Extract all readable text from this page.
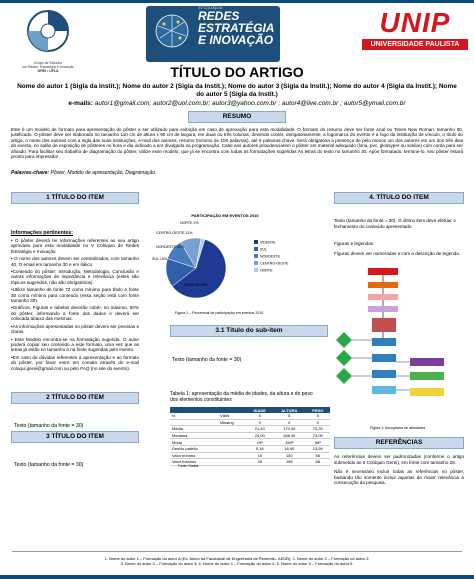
Grupo de Estudos
em Redes, Estratégia e Inovação
GREI • UFLA
XV COLÓQUIO
REDES
ESTRATÉGIA
E INOVAÇÃO
UNIP
UNIVERSIDADE PAULISTA
TÍTULO DO ARTIGO
Nome do autor 1 (Sigla da Instit.); Nome do autor 2 (Sigla da Instit.); Nome do autor 3 (Sigla da Instit.); Nome do autor 4 (Sigla da Instit.); Nome do autor 5 (Sigla da Instit.)
e-mails: autor1@gmail.com; autor2@uol.com.br; autor3@yahoo.com.br ; autor4@live.com.br ; autor5@ymail.com.br
RESUMO
Este é um modelo de formato para apresentação do pôster a ser utilizado para exibição em caso de aprovação para esta modalidade. O formato do resumo deve ser fonte Arial ou Times New Roman, tamanho 30, justificado. O pôster deve ser elaborado no tamanho 110 cm de altura x 90 cm de largura, em duas ou três colunas, devendo conter, obrigatoriamente, a logomarca do evento e a logo da instituição de vínculo, o título do artigo, o nome dos autores com a sigla das suas instituições, e-mail dos autores, resumo (mínimo de 100 palavras), até 5 palavras-chave. Será obrigatória a presença de pelo menos um dos autores em um dos três dias do evento, no salão de exposição de pôsteres no hora e dia indicado a ser divulgado na programação. Cabe aos autores providenciarem o pôster em material adequado (lona, pvc, glossyper ou similar) com corda para ser afixado. Para facilitar seu trabalho de diagramação do pôster, utilize esse modelo, que já se encontra com todas as formatações sugeridas As letras do texto no tamanho 30. Após formatado, termine-lo, seu pôster estará pronto para impressão!
Palavras-chave: Pôster, Modelo de apresentação, Diagramação.
1 TÍTULO DO ITEM
Informações pertinentes:

• O pôster deverá ter informações referentes ao seu artigo aprovado para esta modalidade no V Colóquio de Redes Estratégia e Inovação.

• O nome dos autores devem ser centralizados, com tamanho 40, O email em tamanho 30 e em itálico.

•Conteúdo do pôster: Introdução, Metodologia, Conclusão e outras informações de importância e relevância (estes são tópicos sugeridos, não são obrigatórios).

•Utilize tamanho de fonte 72 como mínimo para título e fonte 30 como mínimo para conteúdo (essa seção está com fonte tamanho 30).

•Gráficos, Figuras e tabelas deverão cobrir, no máximo, 50% do pôster, informando a fonte dos dados e deverá ser colocada abaixo das mesmas.

•As informações apresentadas no pôster devem ser precisas e claras.

• Este Modelo encontra-se na formatação sugerida. O autor poderá copiar seu conteúdo a este formato, uma vez que as letras já estão no tamanho e na fonte sugeridas pelo evento.

•Em caso de dúvidas referentes à apresentação e ao formato do pôster, por favor entre em contato através do e-mail coloqui.gerei@gmail.com ou pelo FAQ (no site do evento).

2 TÍTULO DO ITEM
Texto (tamanho da fonte = 30)
3 TÍTULO DO ITEM
Texto (tamanho da fonte = 30)
PARTICIPAÇÃO EM EVENTOS 2010
VIDENTE 58%
SUL 15%
NORDESTE 11%
CENTRO-OESTE 11%
NORTE 2%
VIDENTE
SUL
NORDESTE
CENTRO-OESTE
NORTE
Figura 1 – Percentual de participação em eventos 2010
3.1 Título do sub-item
Texto (tamanho da fonte = 30)
Tabela 1: apresentação da média de idades, da altura e do peso dos elementos constituintes
		IDADE	ALTURA	PESO
N	Válid	5	5	5
	Missing	0	0	0
Média		21,40	170,40	70,20
Mediana		24,00	168,00	73,00
Moda		19ª	150ª	56ª
Desvio padrão		5,18	18,90	13,59
Valor mínimo		15	150	56
Valor máximo		28	198	88
Fonte: Dados
4. TÍTULO DO ITEM
Texto (tamanho da fonte = 30). O último item deve efetuar o fechamento do conteúdo apresentado.
Figuras e legendas
Figuras devem ser numeradas e com a descrição de legenda.
Figura 1: fluxograma de atividades
REFERÊNCIAS

As referências devem ser padronizadas (conforme o artigo submetido ao II Colóquio Gerei), em fonte com tamanho 28.

Não é necessário incluir todas as referências no pôster, bastando tão somente incluir aquelas de maior relevância à consecução da pesquisa.

1. Nome do autor 1 – Formação do autor A (Ex. Aluno da Faculdade de Engenharia de Resende– AEDB); 2. Nome do autor 2 – Formação do autor 2;
3. Nome do autor 3 – Formação do autor 3; 4. Nome do autor 4 – Formação do autor 4; 5. Nome do autor 5 – Formação do autor 5.
